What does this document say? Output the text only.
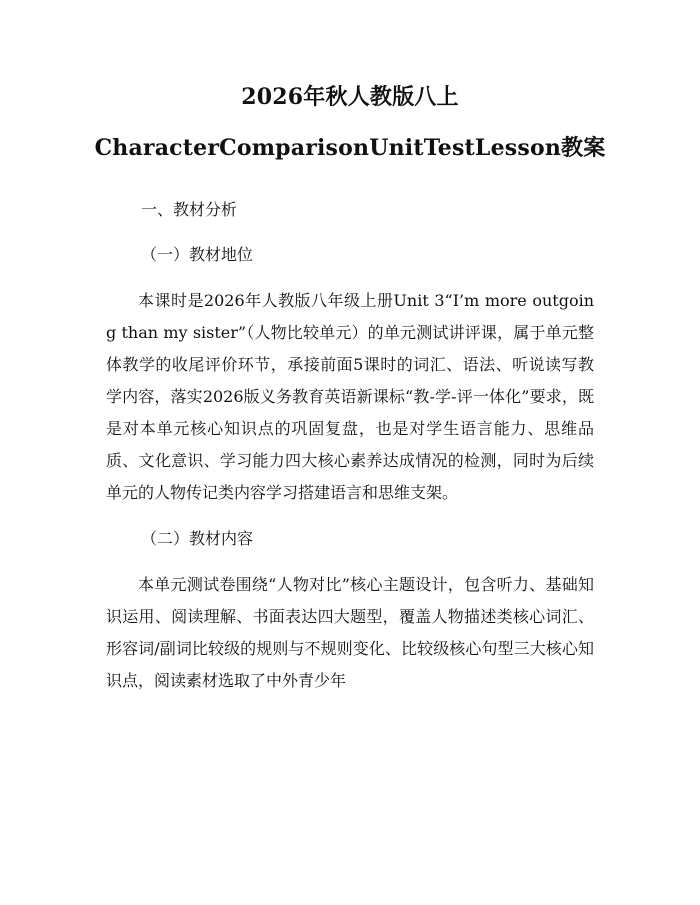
2026年秋人教版八上
CharacterComparisonUnitTestLesson教案

一、教材分析

（一）教材地位

本课时是2026年人教版八年级上册Unit 3“I’m more outgoing than my sister”（人物比较单元）的单元测试讲评课，属于单元整体教学的收尾评价环节，承接前面5课时的词汇、语法、听说读写教学内容，落实2026版义务教育英语新课标“教-学-评一体化”要求，既是对本单元核心知识点的巩固复盘，也是对学生语言能力、思维品质、文化意识、学习能力四大核心素养达成情况的检测，同时为后续单元的人物传记类内容学习搭建语言和思维支架。

（二）教材内容

本单元测试卷围绕“人物对比”核心主题设计，包含听力、基础知识运用、阅读理解、书面表达四大题型，覆盖人物描述类核心词汇、形容词/副词比较级的规则与不规则变化、比较级核心句型三大核心知识点，阅读素材选取了中外青少年
